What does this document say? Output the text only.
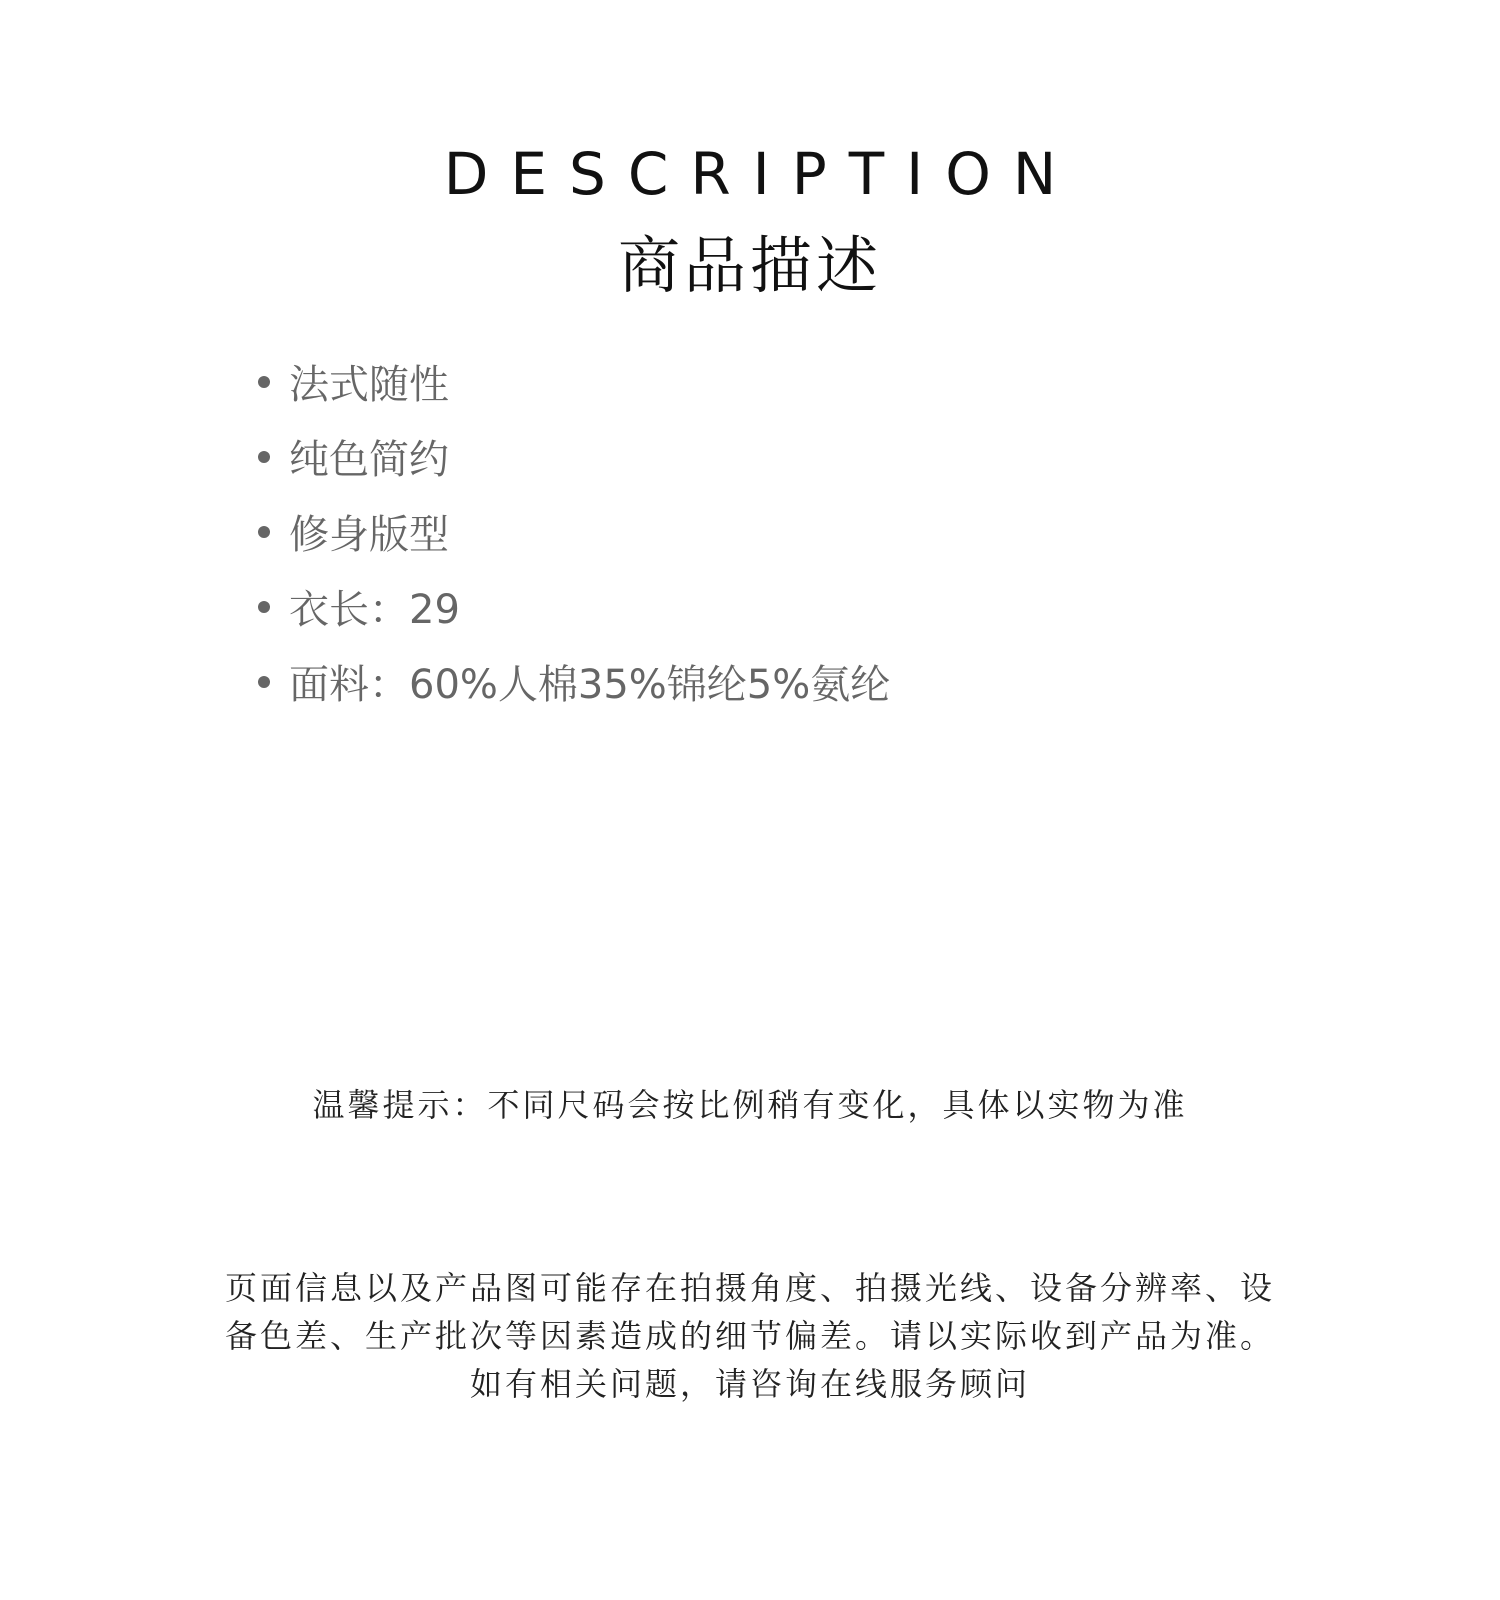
DESCRIPTION
商品描述
法式随性
纯色简约
修身版型
衣长：29
面料：60%人棉35%锦纶5%氨纶
温馨提示：不同尺码会按比例稍有变化，具体以实物为准
页面信息以及产品图可能存在拍摄角度、拍摄光线、设备分辨率、设
备色差、生产批次等因素造成的细节偏差。请以实际收到产品为准。
如有相关问题，请咨询在线服务顾问
